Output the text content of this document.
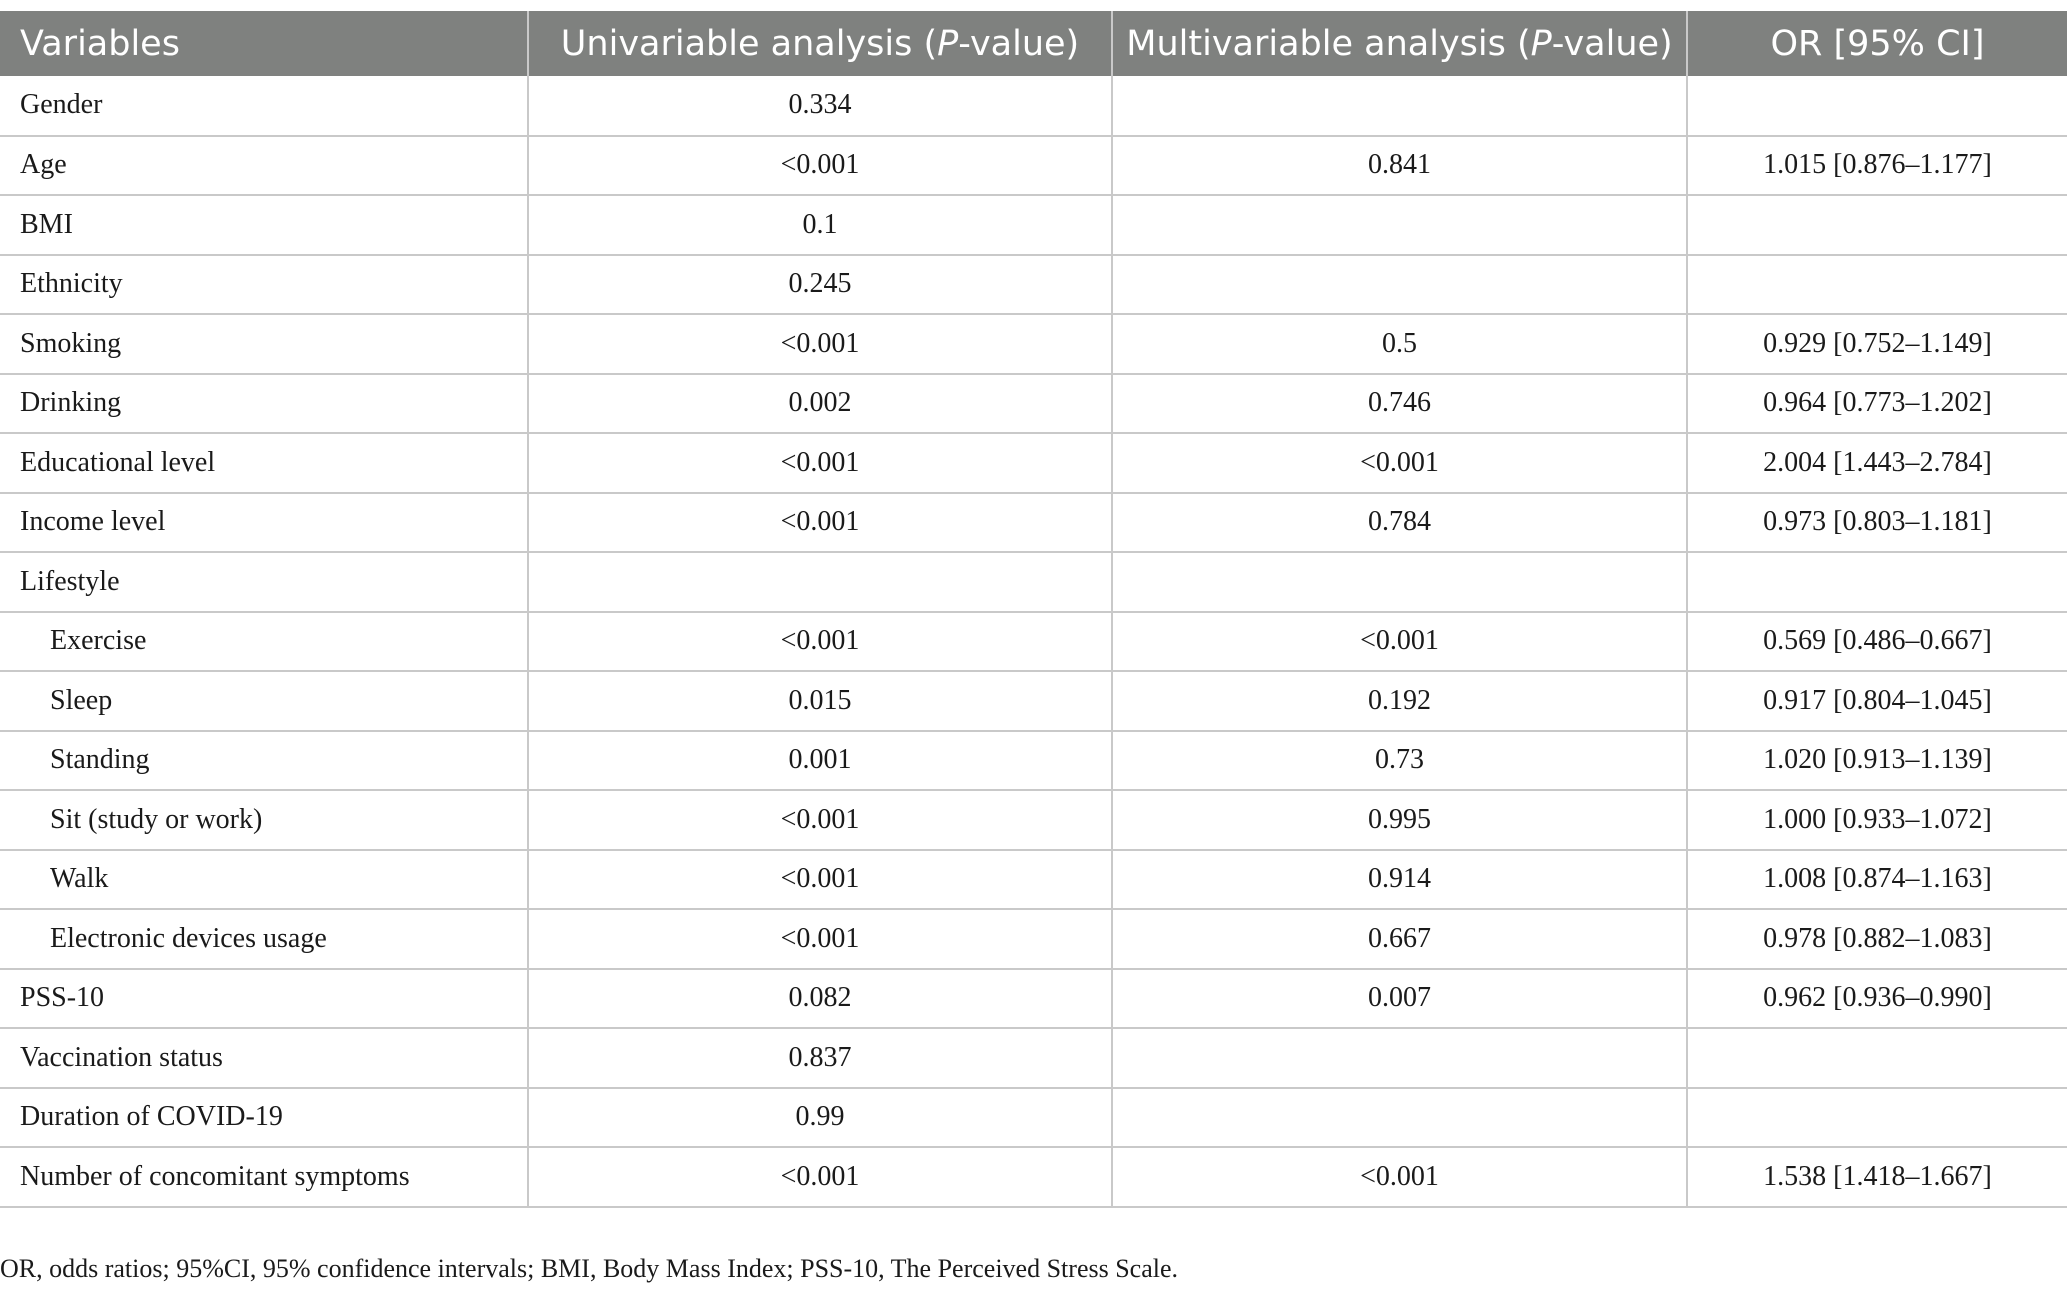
Variables	Univariable analysis (P-value)	Multivariable analysis (P-value)	OR [95% CI]
Gender	0.334		
Age	<0.001	0.841	1.015 [0.876–1.177]
BMI	0.1		
Ethnicity	0.245		
Smoking	<0.001	0.5	0.929 [0.752–1.149]
Drinking	0.002	0.746	0.964 [0.773–1.202]
Educational level	<0.001	<0.001	2.004 [1.443–2.784]
Income level	<0.001	0.784	0.973 [0.803–1.181]
Lifestyle			
Exercise	<0.001	<0.001	0.569 [0.486–0.667]
Sleep	0.015	0.192	0.917 [0.804–1.045]
Standing	0.001	0.73	1.020 [0.913–1.139]
Sit (study or work)	<0.001	0.995	1.000 [0.933–1.072]
Walk	<0.001	0.914	1.008 [0.874–1.163]
Electronic devices usage	<0.001	0.667	0.978 [0.882–1.083]
PSS-10	0.082	0.007	0.962 [0.936–0.990]
Vaccination status	0.837		
Duration of COVID-19	0.99		
Number of concomitant symptoms	<0.001	<0.001	1.538 [1.418–1.667]
OR, odds ratios; 95%CI, 95% confidence intervals; BMI, Body Mass Index; PSS-10, The Perceived Stress Scale.
